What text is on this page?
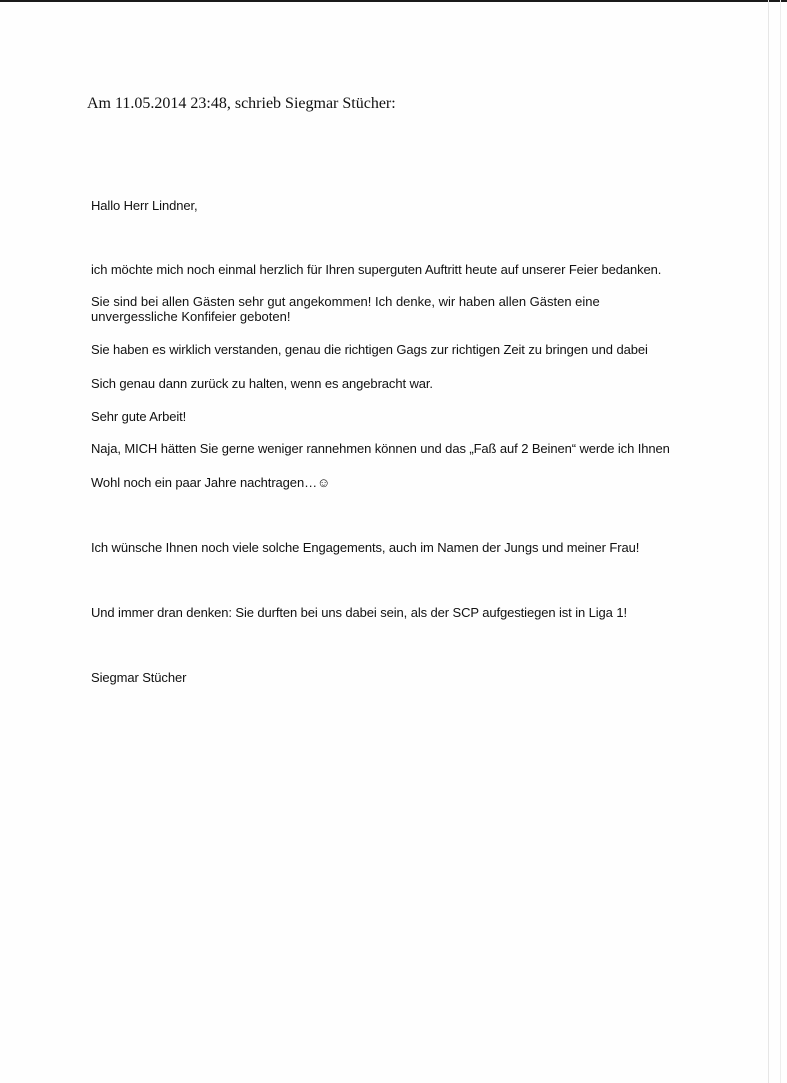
Am 11.05.2014 23:48, schrieb Siegmar Stücher:
Hallo Herr Lindner,
ich möchte mich noch einmal herzlich für Ihren superguten Auftritt heute auf unserer Feier bedanken.
Sie sind bei allen Gästen sehr gut angekommen! Ich denke, wir haben allen Gästen eine
unvergessliche Konfifeier geboten!
Sie haben es wirklich verstanden, genau die richtigen Gags zur richtigen Zeit zu bringen und dabei
Sich genau dann zurück zu halten, wenn es angebracht war.
Sehr gute Arbeit!
Naja, MICH hätten Sie gerne weniger rannehmen können und das „Faß auf 2 Beinen“ werde ich Ihnen
Wohl noch ein paar Jahre nachtragen…☺
Ich wünsche Ihnen noch viele solche Engagements, auch im Namen der Jungs und meiner Frau!
Und immer dran denken: Sie durften bei uns dabei sein, als der SCP aufgestiegen ist in Liga 1!
Siegmar Stücher
